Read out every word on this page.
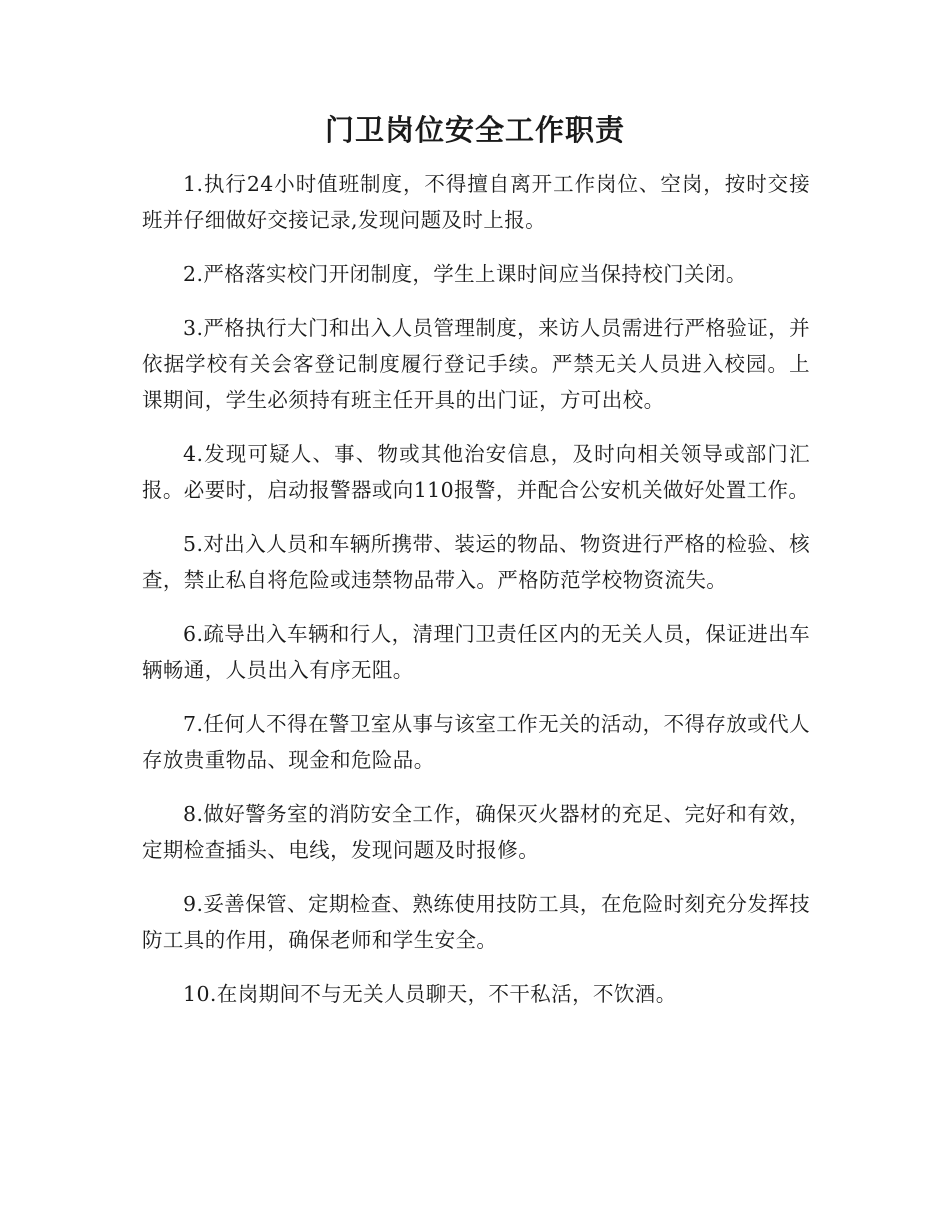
门卫岗位安全工作职责

1.执行24小时值班制度，不得擅自离开工作岗位、空岗，按时交接班并仔细做好交接记录,发现问题及时上报。

2.严格落实校门开闭制度，学生上课时间应当保持校门关闭。

3.严格执行大门和出入人员管理制度，来访人员需进行严格验证，并依据学校有关会客登记制度履行登记手续。严禁无关人员进入校园。上课期间，学生必须持有班主任开具的出门证，方可出校。

4.发现可疑人、事、物或其他治安信息，及时向相关领导或部门汇报。必要时，启动报警器或向110报警，并配合公安机关做好处置工作。

5.对出入人员和车辆所携带、装运的物品、物资进行严格的检验、核查，禁止私自将危险或违禁物品带入。严格防范学校物资流失。

6.疏导出入车辆和行人，清理门卫责任区内的无关人员，保证进出车辆畅通，人员出入有序无阻。

7.任何人不得在警卫室从事与该室工作无关的活动，不得存放或代人存放贵重物品、现金和危险品。

8.做好警务室的消防安全工作，确保灭火器材的充足、完好和有效，定期检查插头、电线，发现问题及时报修。

9.妥善保管、定期检查、熟练使用技防工具，在危险时刻充分发挥技防工具的作用，确保老师和学生安全。

10.在岗期间不与无关人员聊天，不干私活，不饮酒。
